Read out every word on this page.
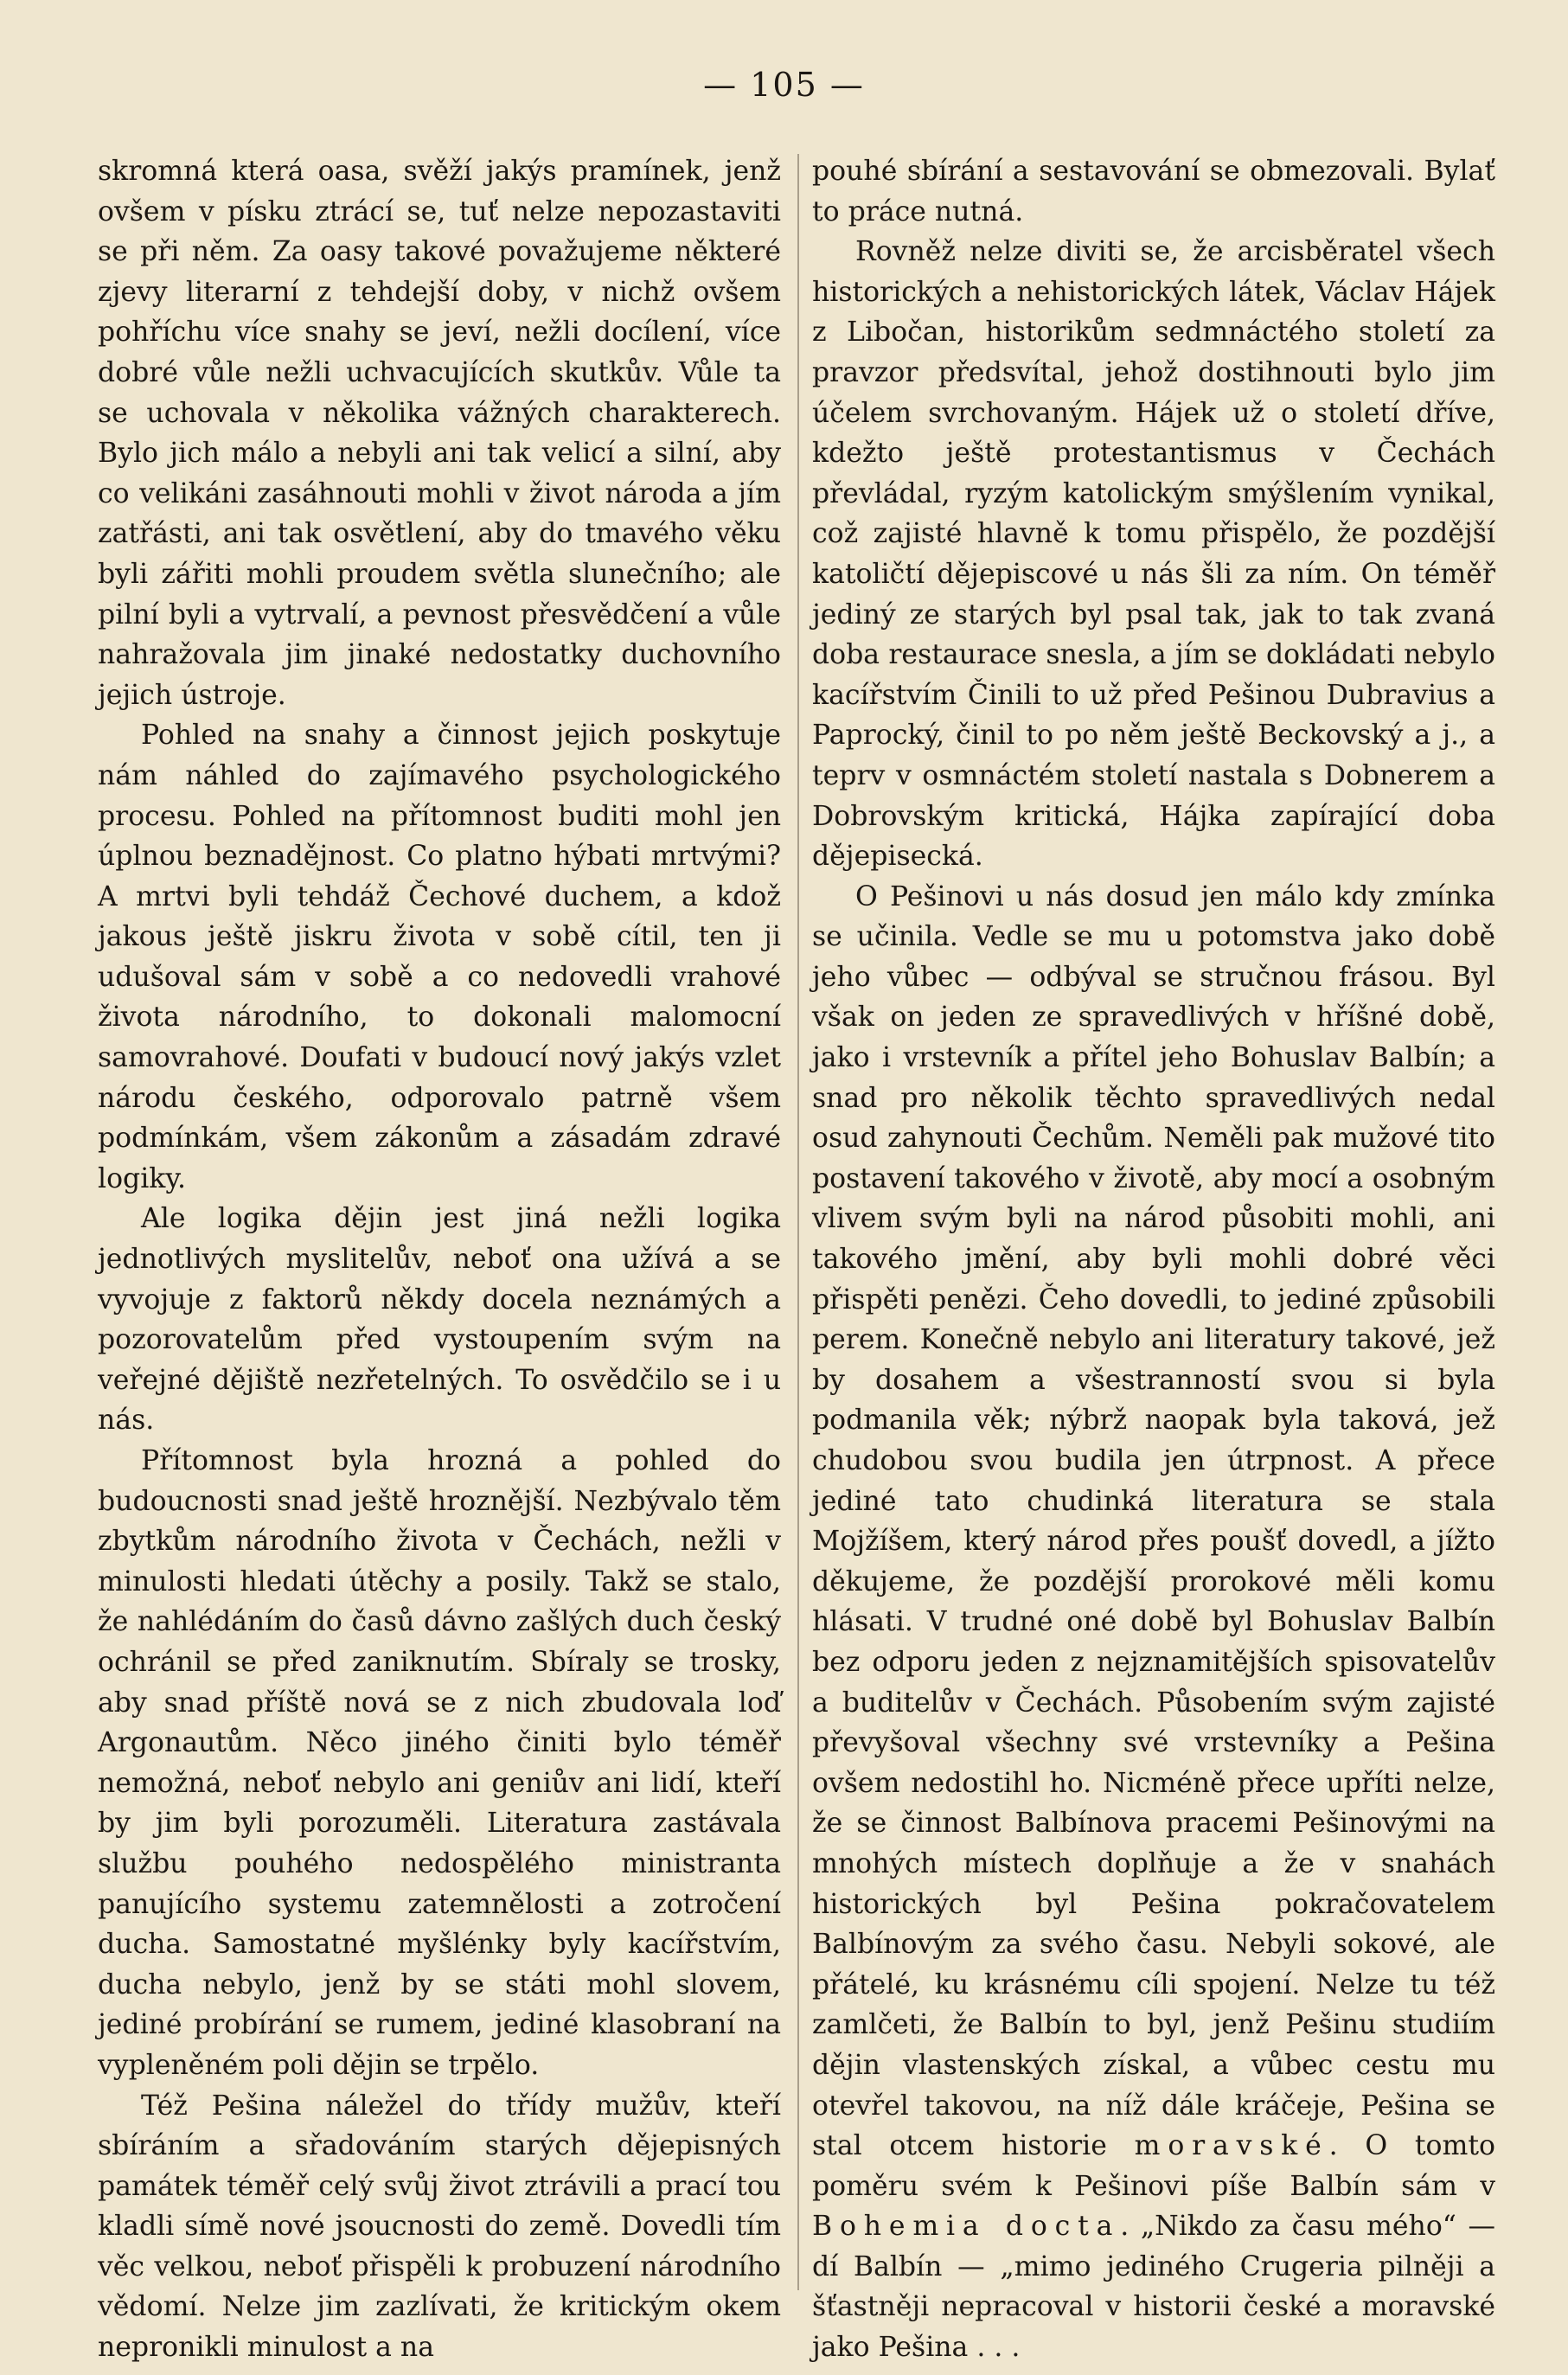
— 105 —

skromná která oasa, svěží jakýs pramínek, jenž ovšem v písku ztrácí se, tuť nelze nepozastaviti se při něm. Za oasy takové považujeme některé zjevy literarní z tehdejší doby, v nichž ovšem pohříchu více snahy se jeví, nežli docílení, více dobré vůle nežli uchvacujících skutkův. Vůle ta se uchovala v několika vážných charakterech. Bylo jich málo a nebyli ani tak velicí a silní, aby co velikáni zasáhnouti mohli v život národa a jím zatřásti, ani tak osvětlení, aby do tmavého věku byli zářiti mohli proudem světla slunečního; ale pilní byli a vytrvalí, a pevnost přesvědčení a vůle nahražovala jim jinaké nedostatky duchovního jejich ústroje.

Pohled na snahy a činnost jejich poskytuje nám náhled do zajímavého psychologického procesu. Pohled na přítomnost buditi mohl jen úplnou beznadějnost. Co platno hýbati mrtvými? A mrtvi byli tehdáž Čechové duchem, a kdož jakous ještě jiskru života v sobě cítil, ten ji udušoval sám v sobě a co nedovedli vrahové života národního, to dokonali malomocní samovrahové. Doufati v budoucí nový jakýs vzlet národu českého, odporovalo patrně všem podmínkám, všem zákonům a zásadám zdravé logiky.

Ale logika dějin jest jiná nežli logika jednotlivých myslitelův, neboť ona užívá a se vyvojuje z faktorů někdy docela neznámých a pozorovatelům před vystoupením svým na veřejné dějiště nezřetelných. To osvědčilo se i u nás.

Přítomnost byla hrozná a pohled do budoucnosti snad ještě hroznější. Nezbývalo těm zbytkům národního života v Čechách, nežli v minulosti hledati útěchy a posily. Takž se stalo, že nahlédáním do časů dávno zašlých duch český ochránil se před zaniknutím. Sbíraly se trosky, aby snad příště nová se z nich zbudovala loď Argonautům. Něco jiného činiti bylo téměř nemožná, neboť nebylo ani geniův ani lidí, kteří by jim byli porozuměli. Literatura zastávala službu pouhého nedospělého ministranta panujícího systemu zatemnělosti a zotročení ducha. Samostatné myšlénky byly kacířstvím, ducha nebylo, jenž by se státi mohl slovem, jediné probírání se rumem, jediné klasobraní na vypleněném poli dějin se trpělo.

Též Pešina náležel do třídy mužův, kteří sbíráním a sřadováním starých dějepisných památek téměř celý svůj život ztrávili a prací tou kladli símě nové jsoucnosti do země. Dovedli tím věc velkou, neboť přispěli k probuzení národního vědomí. Nelze jim zazlívati, že kritickým okem nepronikli minulost a na

pouhé sbírání a sestavování se obmezovali. Bylať to práce nutná.

Rovněž nelze diviti se, že arcisběratel všech historických a nehistorických látek, Václav Hájek z Libočan, historikům sedmnáctého století za pravzor předsvítal, jehož dostihnouti bylo jim účelem svrchovaným. Hájek už o století dříve, kdežto ještě protestantismus v Čechách převládal, ryzým katolickým smýšlením vynikal, což zajisté hlavně k tomu přispělo, že pozdější katoličtí dějepiscové u nás šli za ním. On téměř jediný ze starých byl psal tak, jak to tak zvaná doba restaurace snesla, a jím se dokládati nebylo kacířstvím Činili to už před Pešinou Dubravius a Paprocký, činil to po něm ještě Beckovský a j., a teprv v osmnáctém století nastala s Dobnerem a Dobrovským kritická, Hájka zapírající doba dějepisecká.

O Pešinovi u nás dosud jen málo kdy zmínka se učinila. Vedle se mu u potomstva jako době jeho vůbec — odbýval se stručnou frásou. Byl však on jeden ze spravedlivých v hříšné době, jako i vrstevník a přítel jeho Bohuslav Balbín; a snad pro několik těchto spravedlivých nedal osud zahynouti Čechům. Neměli pak mužové tito postavení takového v životě, aby mocí a osobným vlivem svým byli na národ působiti mohli, ani takového jmění, aby byli mohli dobré věci přispěti penězi. Čeho dovedli, to jediné způsobili perem. Konečně nebylo ani literatury takové, jež by dosahem a všestranností svou si byla podmanila věk; nýbrž naopak byla taková, jež chudobou svou budila jen útrpnost. A přece jediné tato chudinká literatura se stala Mojžíšem, který národ přes poušť dovedl, a jížto děkujeme, že pozdější prorokové měli komu hlásati. V trudné oné době byl Bohuslav Balbín bez odporu jeden z nejznamitějších spisovatelův a buditelův v Čechách. Působením svým zajisté převyšoval všechny své vrstevníky a Pešina ovšem nedostihl ho. Nicméně přece upříti nelze, že se činnost Balbínova pracemi Pešinovými na mnohých místech doplňuje a že v snahách historických byl Pešina pokračovatelem Balbínovým za svého času. Nebyli sokové, ale přátelé, ku krásnému cíli spojení. Nelze tu též zamlčeti, že Balbín to byl, jenž Pešinu studiím dějin vlastenských získal, a vůbec cestu mu otevřel takovou, na níž dále kráčeje, Pešina se stal otcem historie moravské. O tomto poměru svém k Pešinovi píše Balbín sám v Bohemia docta. „Nikdo za času mého“ — dí Balbín — „mimo jediného Crugeria pilněji a šťastněji nepracoval v historii české a moravské jako Pešina . . .
